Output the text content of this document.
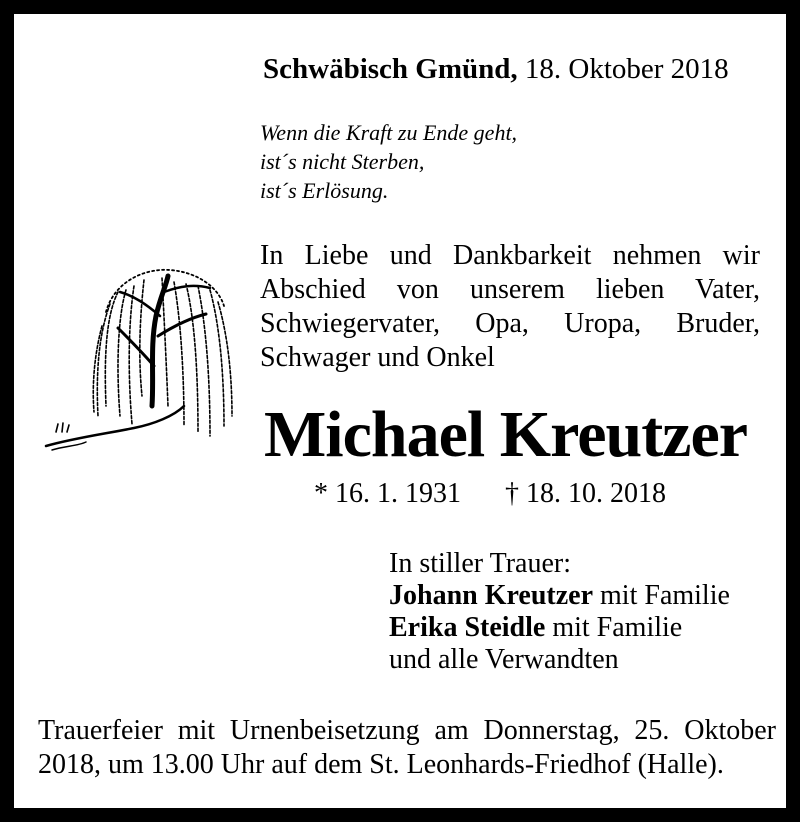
Schwäbisch Gmünd, 18. Oktober 2018
Wenn die Kraft zu Ende geht,
ist´s nicht Sterben,
ist´s Erlösung.
In Liebe und Dankbarkeit nehmen wir
Abschied von unserem lieben Vater,
Schwiegervater, Opa, Uropa, Bruder,
Schwager und Onkel
Michael Kreutzer
* 16. 1. 1931 † 18. 10. 2018
In stiller Trauer:
Johann Kreutzer mit Familie
Erika Steidle mit Familie
und alle Verwandten
Trauerfeier mit Urnenbeisetzung am Donnerstag, 25. Oktober
2018, um 13.00 Uhr auf dem St. Leonhards-Friedhof (Halle).
